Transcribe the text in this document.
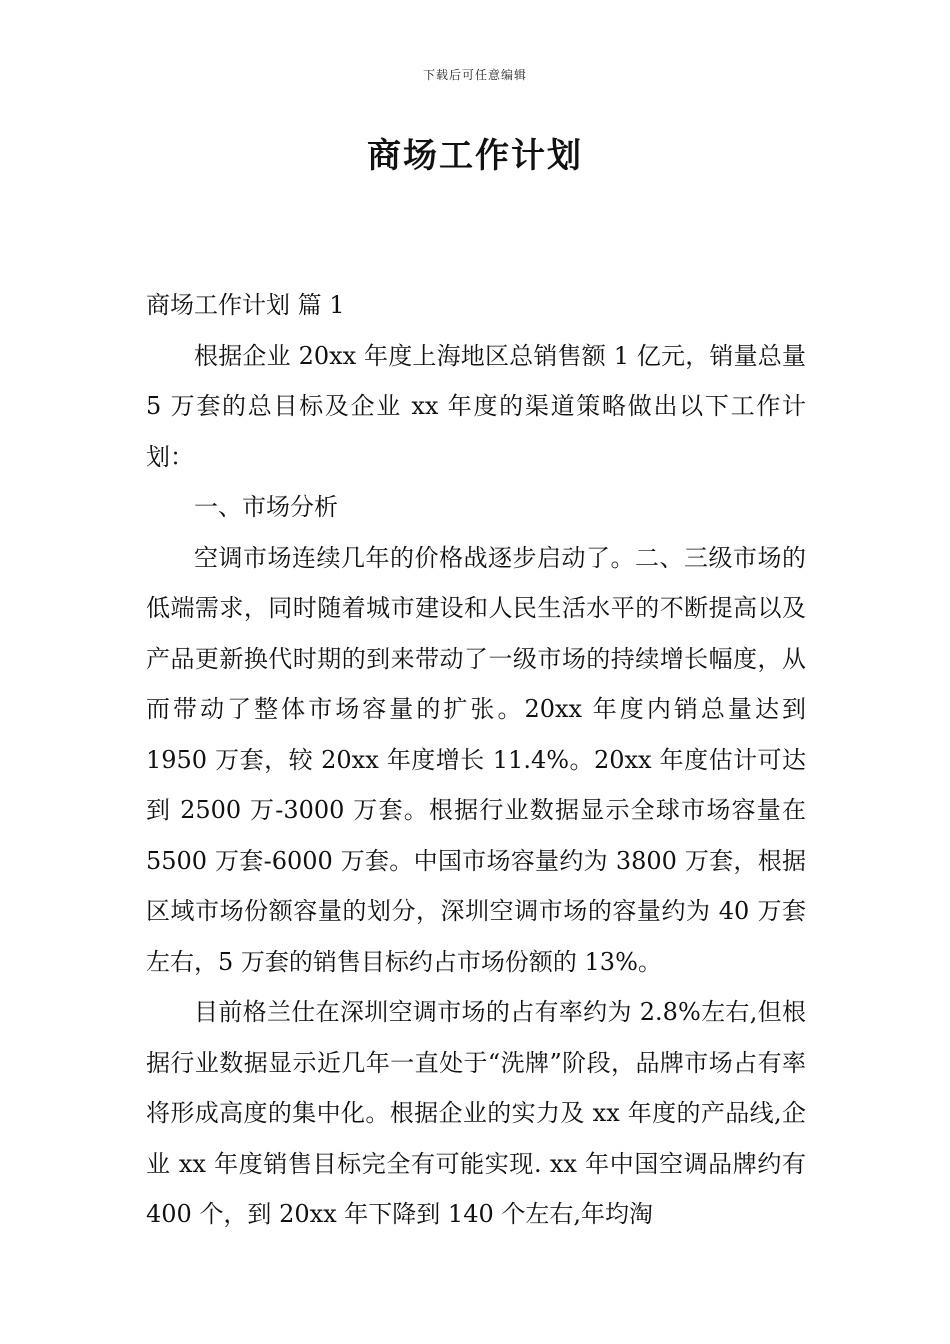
下载后可任意编辑
商场工作计划

商场工作计划 篇 1

根据企业 20xx 年度上海地区总销售额 1 亿元，销量总量 5 万套的总目标及企业 xx 年度的渠道策略做出以下工作计划：

一、市场分析

空调市场连续几年的价格战逐步启动了。二、三级市场的低端需求，同时随着城市建设和人民生活水平的不断提高以及产品更新换代时期的到来带动了一级市场的持续增长幅度，从而带动了整体市场容量的扩张。20xx 年度内销总量达到 1950 万套，较 20xx 年度增长 11.4%。20xx 年度估计可达到 2500 万-3000 万套。根据行业数据显示全球市场容量在 5500 万套-6000 万套。中国市场容量约为 3800 万套，根据区域市场份额容量的划分，深圳空调市场的容量约为 40 万套左右，5 万套的销售目标约占市场份额的 13%。

目前格兰仕在深圳空调市场的占有率约为 2.8%左右,但根据行业数据显示近几年一直处于“洗牌”阶段，品牌市场占有率将形成高度的集中化。根据企业的实力及 xx 年度的产品线,企业 xx 年度销售目标完全有可能实现. xx 年中国空调品牌约有 400 个，到 20xx 年下降到 140 个左右,年均淘
